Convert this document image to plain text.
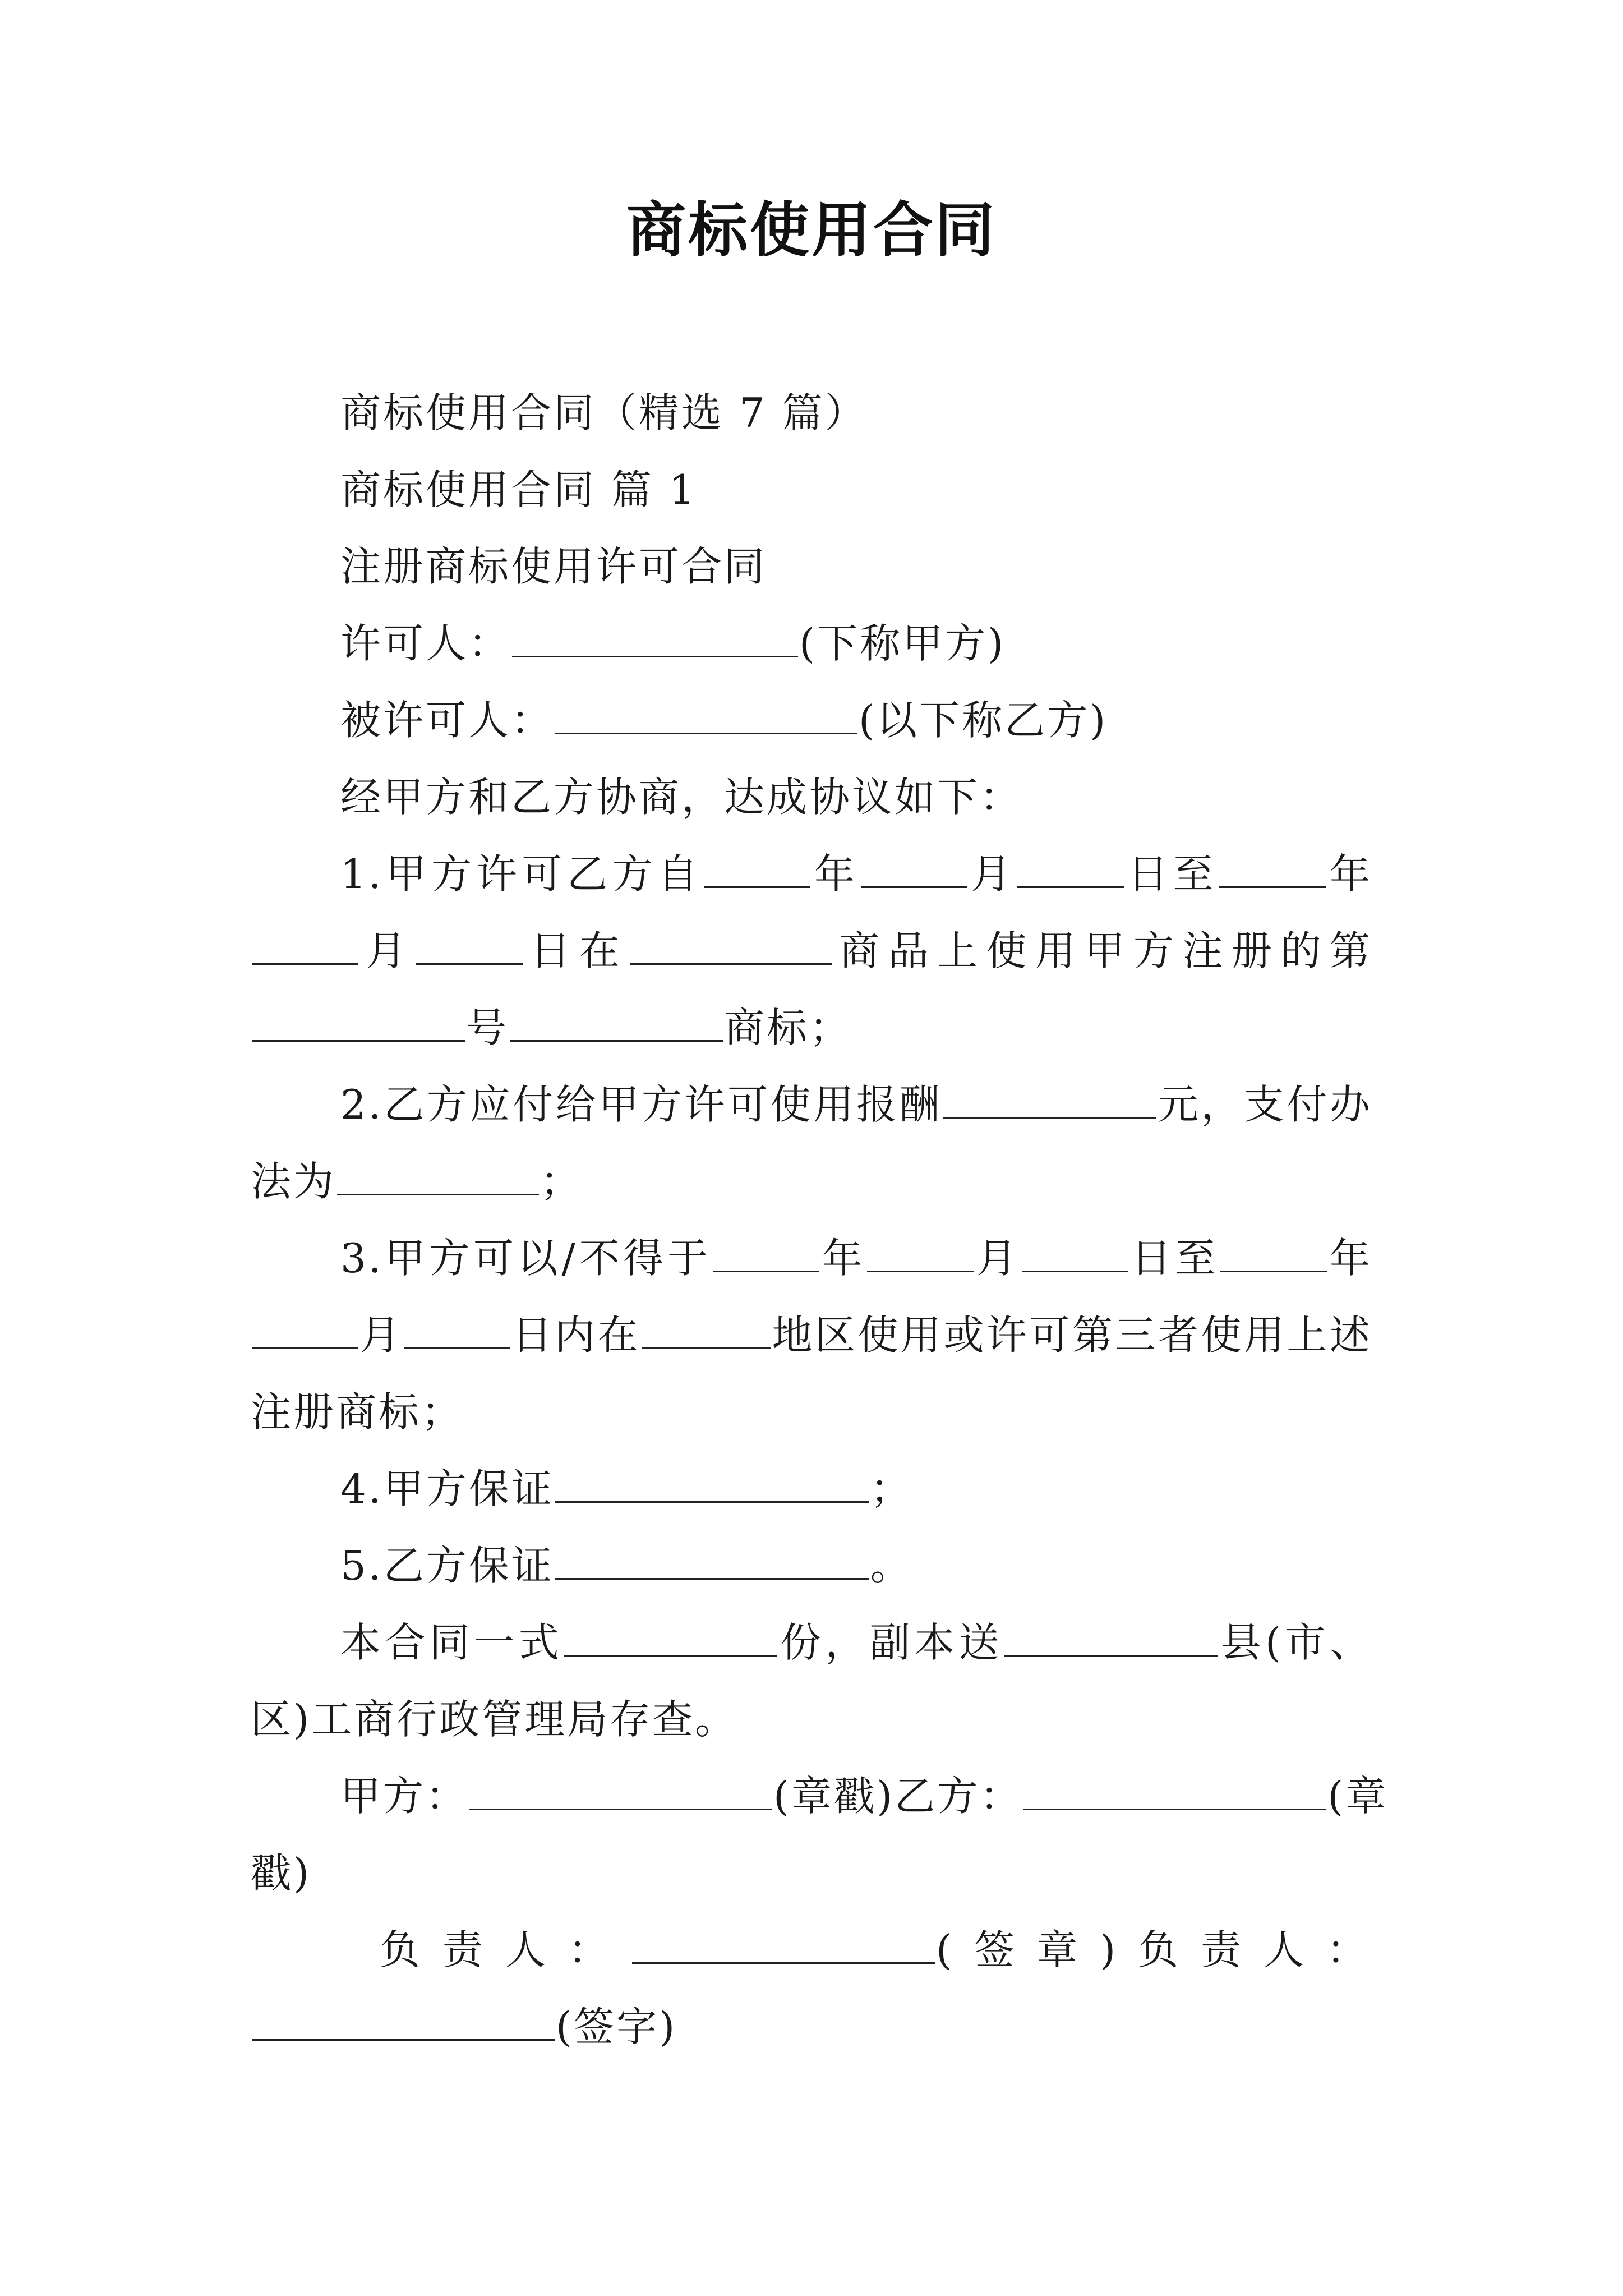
商标使用合同

商标使用合同（精选 7 篇）

商标使用合同 篇 1

注册商标使用许可合同

许可人：	(下称甲方)

被许可人：	(以下称乙方)

经甲方和乙方协商，达成协议如下：

1.甲方许可乙方自	年	月	日至	年

月	日在	商品上使用甲方注册的第

号	商标；

2.乙方应付给甲方许可使用报酬	元，支付办

法为	；

3.甲方可以/不得于	年	月	日至	年

月	日内在	地区使用或许可第三者使用上述

注册商标；

4.甲方保证	；

5.乙方保证	。

本合同一式	份，副本送	县(市、

区)工商行政管理局存查。

甲方：	(章戳)乙方：	(章

戳)

负责人：	(签章)负责人：

(签字)
